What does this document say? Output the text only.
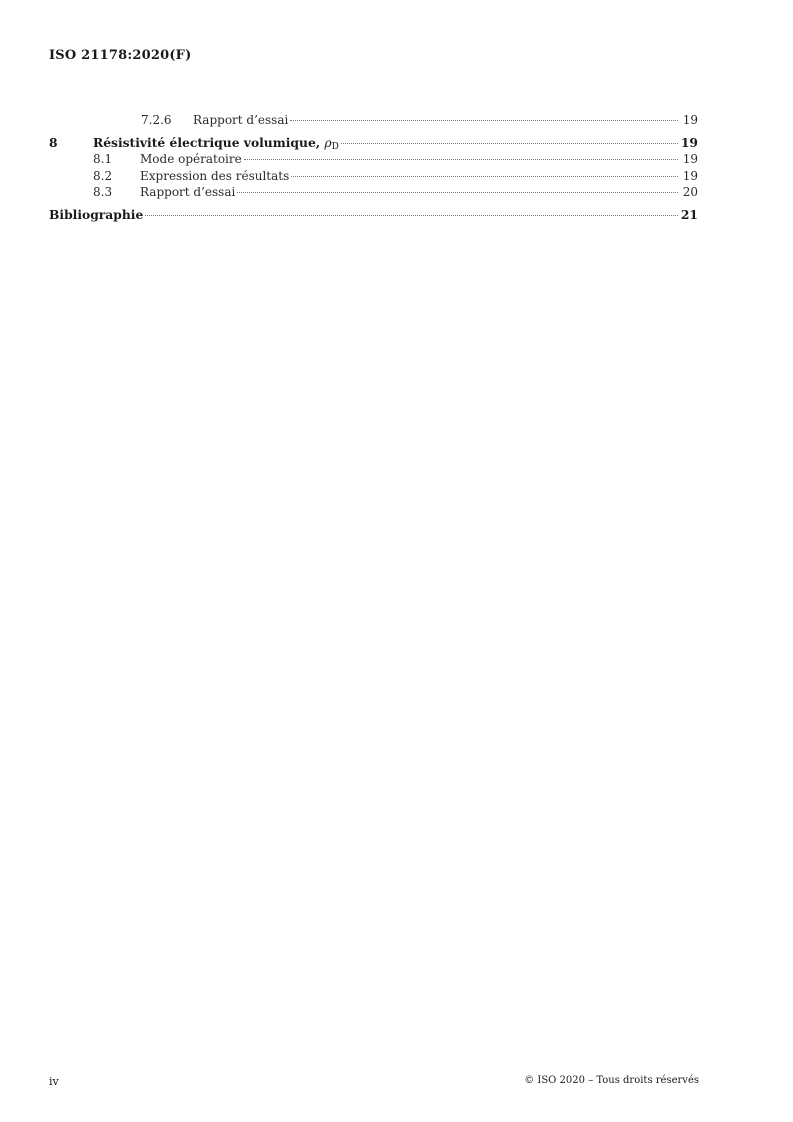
ISO 21178:2020(F)
7.2.6	Rapport d’essai	19
8	Résistivité électrique volumique, ρD	19
8.1	Mode opératoire	19
8.2	Expression des résultats	19
8.3	Rapport d’essai	20
Bibliographie	21
iv	© ISO 2020 – Tous droits réservés
